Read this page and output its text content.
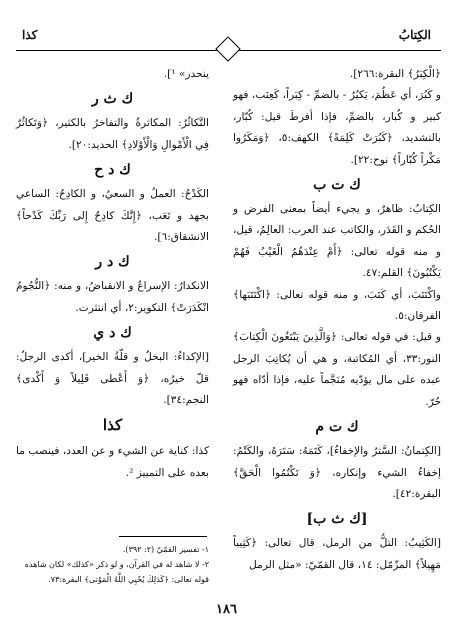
الكِتابُ
كذا
﴿الْكِبَرُ﴾ البقرة:٢٦٦].
و كَبُرَ، أي عَظُمَ، يَكبُرُ - بالضمِّ - كِبَراً، كَعِنَب، فهو كبير و كُبار، بالضمِّ، فإذا أفرطَ قيل: كُبّار، بالتشديد، ﴿كَبُرَتْ كَلِمَةً﴾ الكهف:٥، ﴿وَمَكَرُوا مَكْراً كُبّاراً﴾ نوح:٢٢].
ك ت ب
الكِتابُ: ظاهرٌ، و يجيء أيضاً بمعنى الفرض و الحُكم و القَدَر، والكاتب عند العرب: العالِمُ، قيل، و منه قوله تعالى: ﴿أَمْ عِنْدَهُمُ الْغَيْبُ فَهُمْ يَكْتُبُونَ﴾ القلم:٤٧.
واكْتَتَبَ، أي كَتَبَ، و منه قوله تعالى: ﴿اكْتَتَبَها﴾ الفرقان:٥.
و قيل: في قوله تعالى: ﴿وَالَّذِينَ يَبْتَغُونَ الْكِتابَ﴾ النور:٣٣، أي المُكاتبة، و هي أن يُكاتِبَ الرجل عبده على مال يؤدّيه مُنَجَّماً عليه، فإذا أدّاه فهو حُرّ.
ك ت م
[الكِتمانُ: السَّترُ والإخفاءُ]، كَتَمَهُ: سَتَرَهُ، والكَتْمُ: إخفاءُ الشيء وإنكاره، ﴿وَ تَكْتُمُوا الْحَقَّ﴾ البقرة:٤٢].
[ك ث ب]
[الكَثِيبُ: التلُّ من الرمل، قال تعالى: ﴿كَثِيباً مَهِيلاً﴾ المزّمّل: ١٤، قال القمّيّ: «مثل الرمل
ينحدر» ¹].
ك ث ر
التَّكاثُرُ: المكاثرةُ والتفاخرُ بالكثير، ﴿وَتَكاثُرٌ فِي الْأَمْوالِ وَالْأَوْلادِ﴾ الحديد:٢٠].
ك د ح
الكَدْحُ: العملُ و السعيُ، و الكادِحُ: الساعي بجهد و تَعَب، ﴿إِنَّكَ كادِحٌ إِلى رَبِّكَ كَدْحاً﴾ الانشقاق:٦].
ك د ر
الانكدارُ: الإسراعُ و الانقباضُ، و منه: ﴿النُّجُومُ انْكَدَرَتْ﴾ التكوير:٢، أي انتثرت.
ك د ي
[الإكداءُ: البخلُ و قلّةُ الخير]، أكدى الرجلُ: قلّ خيرُه، ﴿وَ أَعْطى قَلِيلاً وَ أَكْدى﴾ النجم:٣٤].
كذا
كذا: كناية عن الشيء و عن العدد، فينصب ما بعده على التمييز ².

١- تفسير القمّيّ (٢: ٣٩٢).

٢- لا شاهد له في القرآن، و لو ذكر «كذلك» لكان شاهده قوله تعالى: ﴿كَذلِكَ يُحْيِي اللَّهُ الْمَوْتى﴾ البقرة:٧٣.

١٨٦
